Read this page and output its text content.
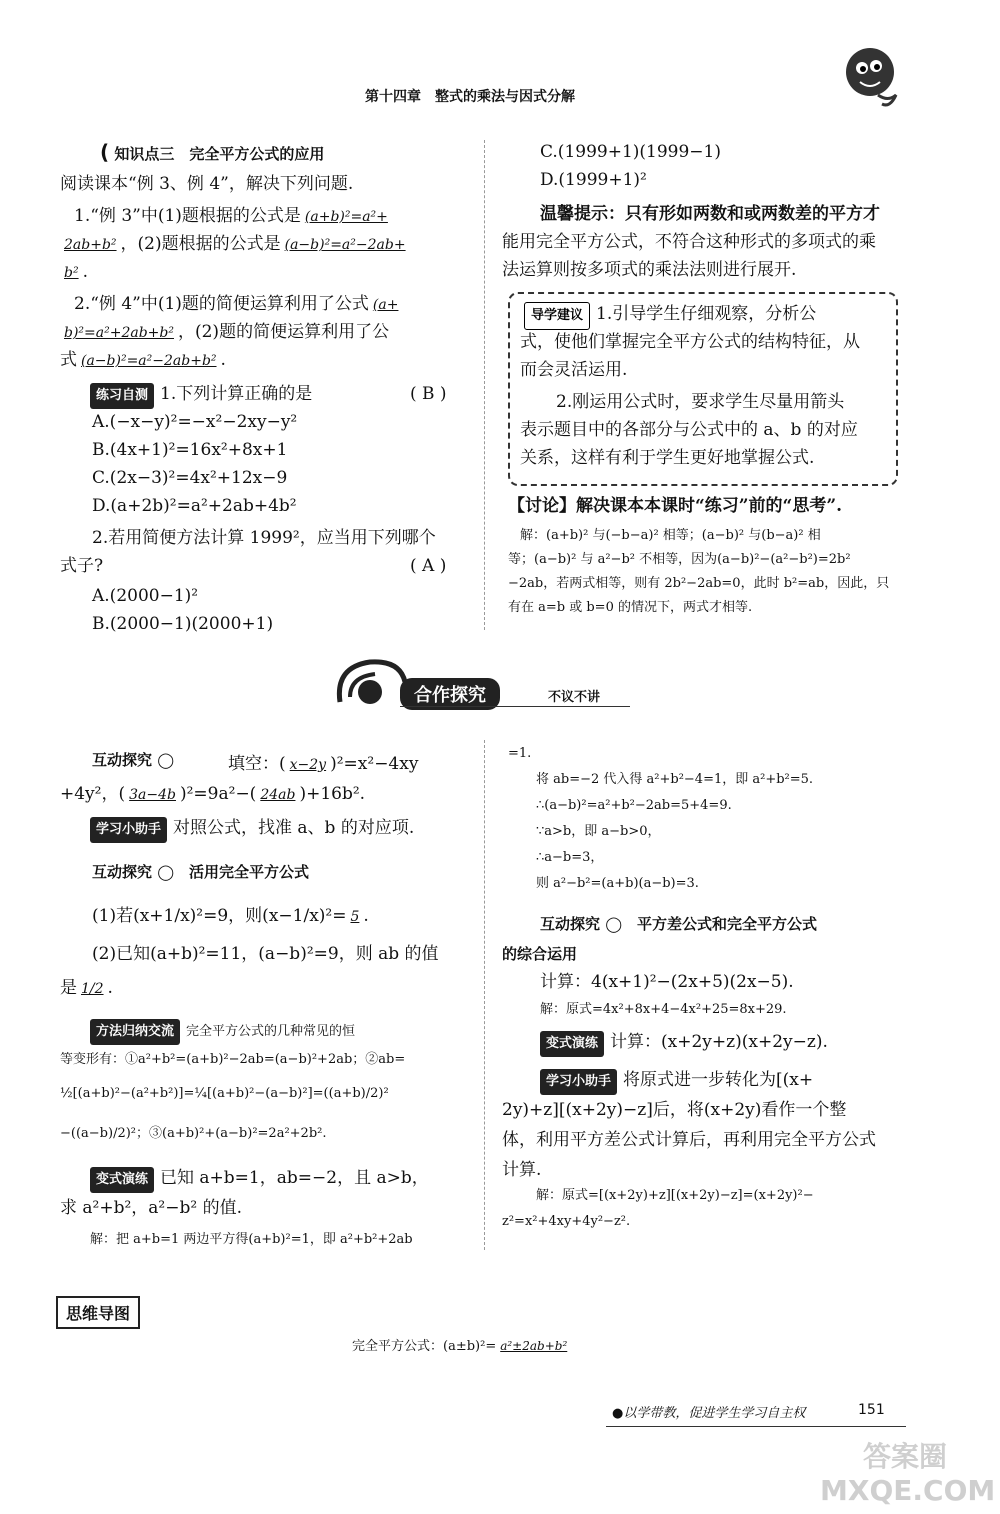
第十四章　整式的乘法与因式分解
( 知识点三　完全平方公式的应用
阅读课本“例 3、例 4”，解决下列问题.
1.“例 3”中(1)题根据的公式是 (a+b)²=a²+
2ab+b² ，(2)题根据的公式是 (a−b)²=a²−2ab+
b² .
2.“例 4”中(1)题的简便运算利用了公式 (a+
b)²=a²+2ab+b² ，(2)题的简便运算利用了公
式 (a−b)²=a²−2ab+b² .
练习自测 1.下列计算正确的是	( B )
A.(−x−y)²=−x²−2xy−y²
B.(4x+1)²=16x²+8x+1
C.(2x−3)²=4x²+12x−9
D.(a+2b)²=a²+2ab+4b²
2.若用简便方法计算 1999²，应当用下列哪个
式子?	( A )
A.(2000−1)²
B.(2000−1)(2000+1)
C.(1999+1)(1999−1)
D.(1999+1)²
温馨提示：只有形如两数和或两数差的平方才
能用完全平方公式，不符合这种形式的多项式的乘
法运算则按多项式的乘法法则进行展开.
导学建议 1.引导学生仔细观察，分析公
式，使他们掌握完全平方公式的结构特征，从
而会灵活运用.
2.刚运用公式时，要求学生尽量用箭头
表示题目中的各部分与公式中的 a、b 的对应
关系，这样有利于学生更好地掌握公式.
【讨论】解决课本本课时“练习”前的“思考”.
解：(a+b)² 与(−b−a)² 相等；(a−b)² 与(b−a)² 相
等；(a−b)² 与 a²−b² 不相等，因为(a−b)²−(a²−b²)=2b²
−2ab，若两式相等，则有 2b²−2ab=0，此时 b²=ab，因此，只
有在 a=b 或 b=0 的情况下，两式才相等.
合作探究	不议不讲
互动探究 ◯	填空：( x−2y )²=x²−4xy
+4y²，( 3a−4b )²=9a²−( 24ab )+16b².
学习小助手 对照公式，找准 a、b 的对应项.
互动探究 ◯　活用完全平方公式
(1)若(x+1/x)²=9，则(x−1/x)²= 5 .
(2)已知(a+b)²=11，(a−b)²=9，则 ab 的值
是 1/2 .
方法归纳交流 完全平方公式的几种常见的恒
等变形有：①a²+b²=(a+b)²−2ab=(a−b)²+2ab；②ab=
½[(a+b)²−(a²+b²)]=¼[(a+b)²−(a−b)²]=((a+b)/2)²
−((a−b)/2)²；③(a+b)²+(a−b)²=2a²+2b².
变式演练 已知 a+b=1，ab=−2，且 a>b，
求 a²+b²，a²−b² 的值.
解：把 a+b=1 两边平方得(a+b)²=1，即 a²+b²+2ab
=1.
将 ab=−2 代入得 a²+b²−4=1，即 a²+b²=5.
∴(a−b)²=a²+b²−2ab=5+4=9.
∵a>b，即 a−b>0，
∴a−b=3，
则 a²−b²=(a+b)(a−b)=3.
互动探究 ◯　平方差公式和完全平方公式
的综合运用
计算：4(x+1)²−(2x+5)(2x−5).
解：原式=4x²+8x+4−4x²+25=8x+29.
变式演练 计算：(x+2y+z)(x+2y−z).
学习小助手 将原式进一步转化为[(x+
2y)+z][(x+2y)−z]后，将(x+2y)看作一个整
体，利用平方差公式计算后，再利用完全平方公式
计算.
解：原式=[(x+2y)+z][(x+2y)−z]=(x+2y)²−
z²=x²+4xy+4y²−z².
思维导图
完全平方公式：(a±b)²= a²±2ab+b²
●以学带教，促进学生学习自主权	151
答案圈 MXQE.COM
